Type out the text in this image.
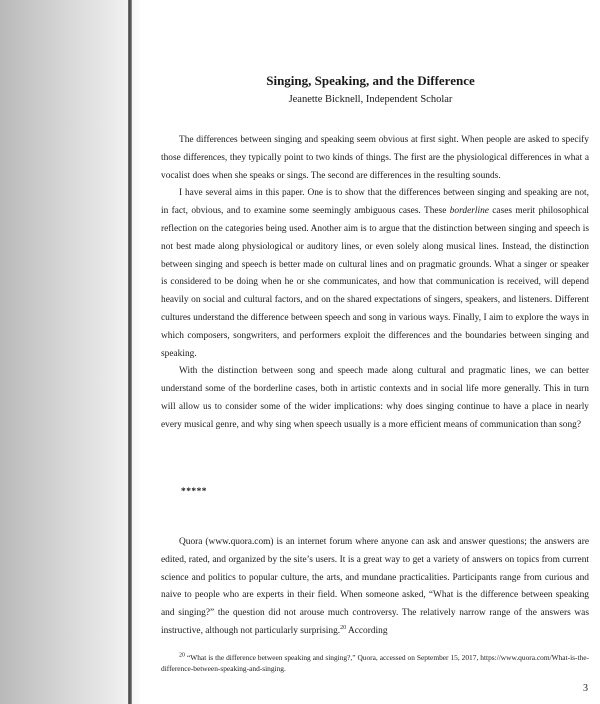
Singing, Speaking, and the Difference
Jeanette Bicknell, Independent Scholar

The differences between singing and speaking seem obvious at first sight. When people are asked to specify those differences, they typically point to two kinds of things. The first are the physiological differences in what a vocalist does when she speaks or sings. The second are differences in the resulting sounds.

I have several aims in this paper. One is to show that the differences between singing and speaking are not, in fact, obvious, and to examine some seemingly ambiguous cases. These borderline cases merit philosophical reflection on the categories being used. Another aim is to argue that the distinction between singing and speech is not best made along physiological or auditory lines, or even solely along musical lines. Instead, the distinction between singing and speech is better made on cultural lines and on pragmatic grounds. What a singer or speaker is considered to be doing when he or she communicates, and how that communication is received, will depend heavily on social and cultural factors, and on the shared expectations of singers, speakers, and listeners. Different cultures understand the difference between speech and song in various ways. Finally, I aim to explore the ways in which composers, songwriters, and performers exploit the differences and the boundaries between singing and speaking.

With the distinction between song and speech made along cultural and pragmatic lines, we can better understand some of the borderline cases, both in artistic contexts and in social life more generally. This in turn will allow us to consider some of the wider implications: why does singing continue to have a place in nearly every musical genre, and why sing when speech usually is a more efficient means of communication than song?

*****

Quora (www.quora.com) is an internet forum where anyone can ask and answer questions; the answers are edited, rated, and organized by the site’s users. It is a great way to get a variety of answers on topics from current science and politics to popular culture, the arts, and mundane practicalities. Participants range from curious and naive to people who are experts in their field. When someone asked, “What is the difference between speaking and singing?” the question did not arouse much controversy. The relatively narrow range of the answers was instructive, although not particularly surprising.$^{20}$ According

$^{20}$ “What is the difference between speaking and singing?,” Quora, accessed on September 15, 2017, https://www.quora.com/What-is-the-difference-between-speaking-and-singing.

3
